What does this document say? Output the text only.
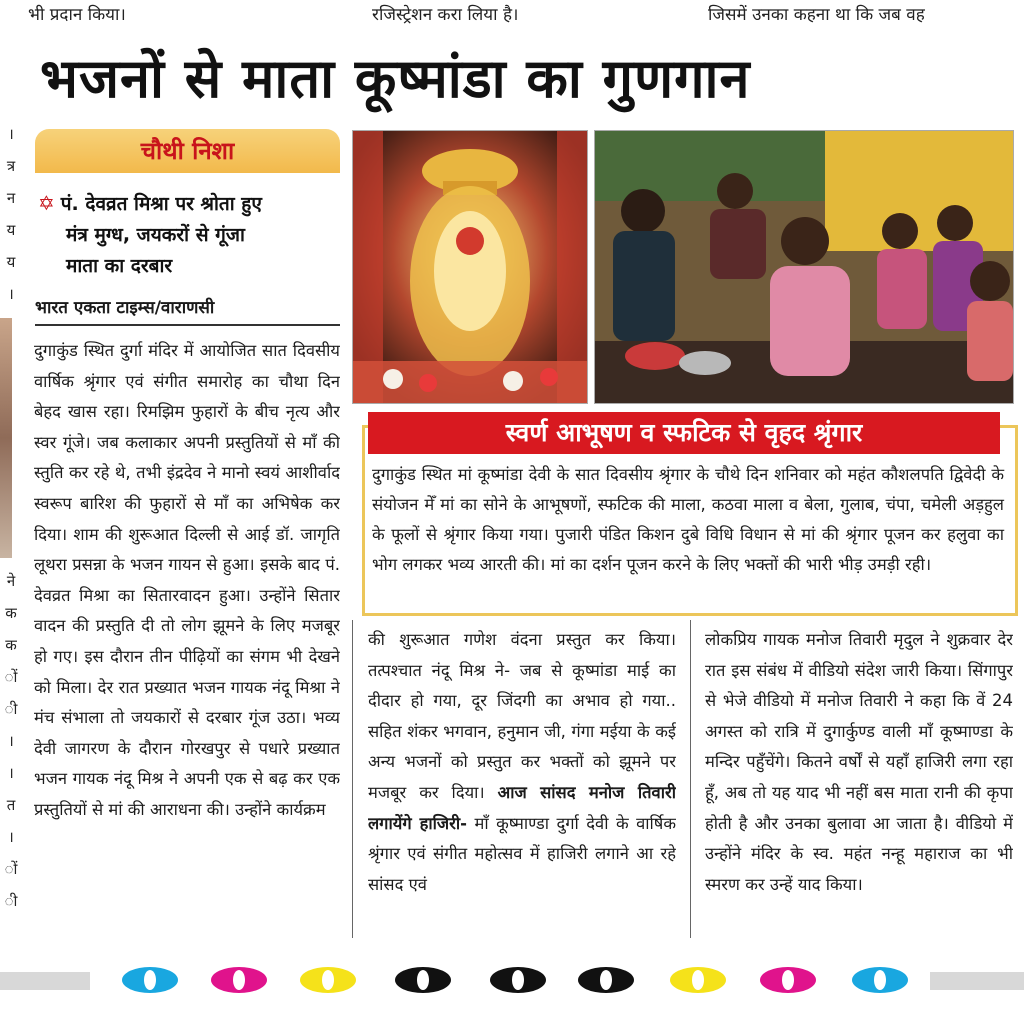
भी प्रदान किया।	रजिस्ट्रेशन करा लिया है।	जिसमें उनका कहना था कि जब वह
।
त्र
न
य
य
।
ने
क
क
ों
ी
।
।
त
।
ों
ी
भजनों से माता कूष्मांडा का गुणगान
चौथी निशा
✡ पं. देवव्रत मिश्रा पर श्रोता हुए
मंत्र मुग्ध, जयकरों से गूंजा
माता का दरबार
भारत एकता टाइम्स/वाराणसी

दुगाकुंड स्थित दुर्गा मंदिर में आयोजित सात दिवसीय वार्षिक श्रृंगार एवं संगीत समारोह का चौथा दिन बेहद खास रहा। रिमझिम फुहारों के बीच नृत्य और स्वर गूंजे। जब कलाकार अपनी प्रस्तुतियों से माँ की स्तुति कर रहे थे, तभी इंद्रदेव ने मानो स्वयं आशीर्वाद स्वरूप बारिश की फुहारों से माँ का अभिषेक कर दिया। शाम की शुरूआत दिल्ली से आई डॉ. जागृति लूथरा प्रसन्ना के भजन गायन से हुआ। इसके बाद पं. देवव्रत मिश्रा का सितारवादन हुआ। उन्होंने सितार वादन की प्रस्तुति दी तो लोग झूमने के लिए मजबूर हो गए। इस दौरान तीन पीढ़ियों का संगम भी देखने को मिला। देर रात प्रख्यात भजन गायक नंदू मिश्रा ने मंच संभाला तो जयकारों से दरबार गूंज उठा। भव्य देवी जागरण के दौरान गोरखपुर से पधारे प्रख्यात भजन गायक नंदू मिश्र ने अपनी एक से बढ़ कर एक प्रस्तुतियों से मां की आराधना की। उन्होंने कार्यक्रम

स्वर्ण आभूषण व स्फटिक से वृहद श्रृंगार
दुगाकुंड स्थित मां कूष्मांडा देवी के सात दिवसीय श्रृंगार के चौथे दिन शनिवार को महंत कौशलपति द्विवेदी के संयोजन मेँ मां का सोने के आभूषणों, स्फटिक की माला, कठवा माला व बेला, गुलाब, चंपा, चमेली अड़हुल के फूलों से श्रृंगार किया गया। पुजारी पंडित किशन दुबे विधि विधान से मां की श्रृंगार पूजन कर हलुवा का भोग लगकर भव्य आरती की। मां का दर्शन पूजन करने के लिए भक्तों की भारी भीड़ उमड़ी रही।

की शुरूआत गणेश वंदना प्रस्तुत कर किया। तत्पश्चात नंदू मिश्र ने- जब से कूष्मांडा माई का दीदार हो गया, दूर जिंदगी का अभाव हो गया.. सहित शंकर भगवान, हनुमान जी, गंगा मईया के कई अन्य भजनों को प्रस्तुत कर भक्तों को झूमने पर मजबूर कर दिया। आज सांसद मनोज तिवारी लगायेंगे हाजिरी- माँ कूष्माण्डा दुर्गा देवी के वार्षिक श्रृंगार एवं संगीत महोत्सव में हाजिरी लगाने आ रहे सांसद एवं

लोकप्रिय गायक मनोज तिवारी मृदुल ने शुक्रवार देर रात इस संबंध में वीडियो संदेश जारी किया। सिंगापुर से भेजे वीडियो में मनोज तिवारी ने कहा कि वें 24 अगस्त को रात्रि में दुगार्कुण्ड वाली माँ कूष्माण्डा के मन्दिर पहुँचेंगे। कितने वर्षों से यहाँ हाजिरी लगा रहा हूँ, अब तो यह याद भी नहीं बस माता रानी की कृपा होती है और उनका बुलावा आ जाता है। वीडियो में उन्होंने मंदिर के स्व. महंत नन्हू महाराज का भी स्मरण कर उन्हें याद किया।
